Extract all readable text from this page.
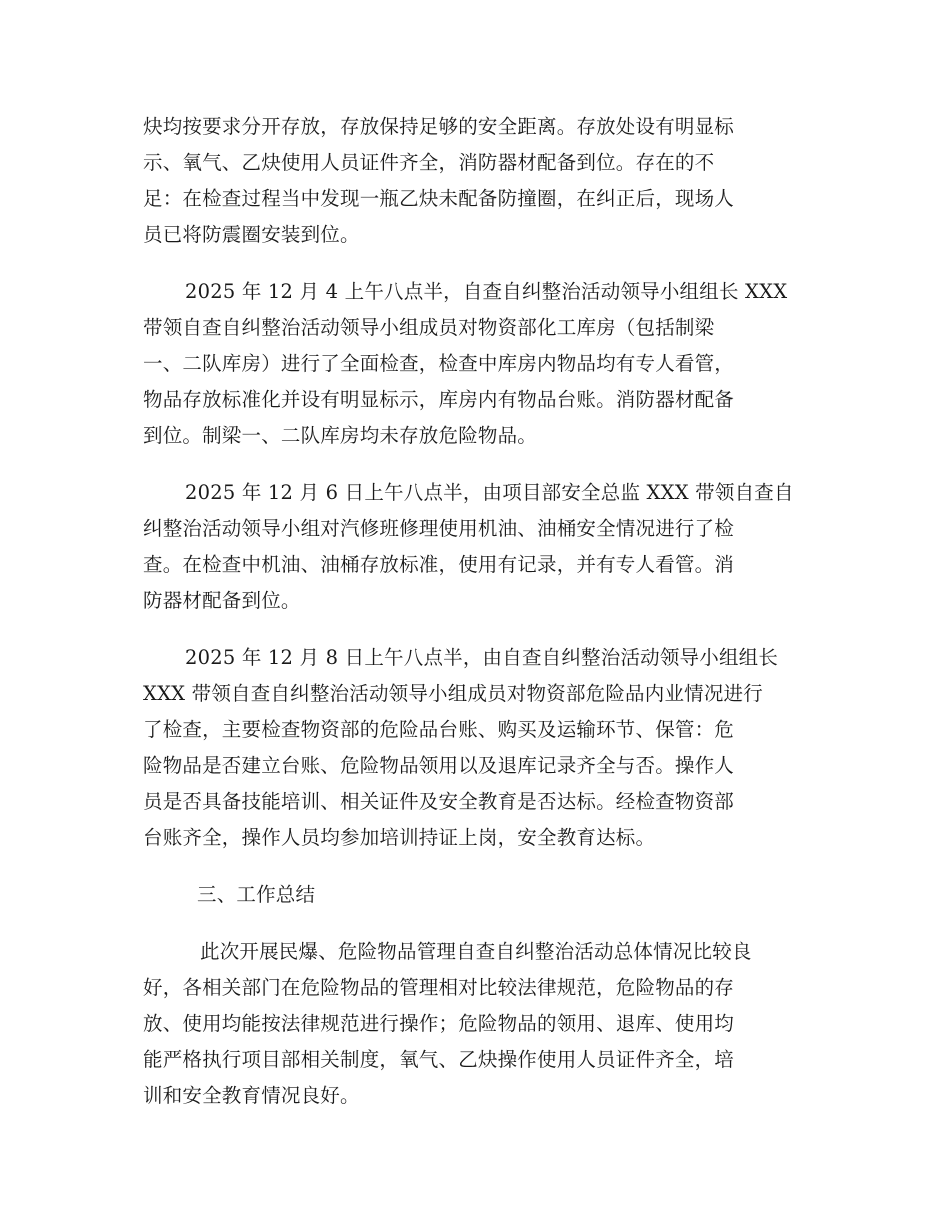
炔均按要求分开存放，存放保持足够的安全距离。存放处设有明显标
示、氧气、乙炔使用人员证件齐全，消防器材配备到位。存在的不
足：在检查过程当中发现一瓶乙炔未配备防撞圈，在纠正后，现场人
员已将防震圈安装到位。
2025 年 12 月 4 上午八点半，自查自纠整治活动领导小组组长 XXX
带领自查自纠整治活动领导小组成员对物资部化工库房（包括制梁
一、二队库房）进行了全面检查，检查中库房内物品均有专人看管，
物品存放标准化并设有明显标示，库房内有物品台账。消防器材配备
到位。制梁一、二队库房均未存放危险物品。
2025 年 12 月 6 日上午八点半，由项目部安全总监 XXX 带领自查自
纠整治活动领导小组对汽修班修理使用机油、油桶安全情况进行了检
查。在检查中机油、油桶存放标准，使用有记录，并有专人看管。消
防器材配备到位。
2025 年 12 月 8 日上午八点半，由自查自纠整治活动领导小组组长
XXX 带领自查自纠整治活动领导小组成员对物资部危险品内业情况进行
了检查，主要检查物资部的危险品台账、购买及运输环节、保管：危
险物品是否建立台账、危险物品领用以及退库记录齐全与否。操作人
员是否具备技能培训、相关证件及安全教育是否达标。经检查物资部
台账齐全，操作人员均参加培训持证上岗，安全教育达标。
三、工作总结
此次开展民爆、危险物品管理自查自纠整治活动总体情况比较良
好，各相关部门在危险物品的管理相对比较法律规范，危险物品的存
放、使用均能按法律规范进行操作；危险物品的领用、退库、使用均
能严格执行项目部相关制度，氧气、乙炔操作使用人员证件齐全，培
训和安全教育情况良好。
